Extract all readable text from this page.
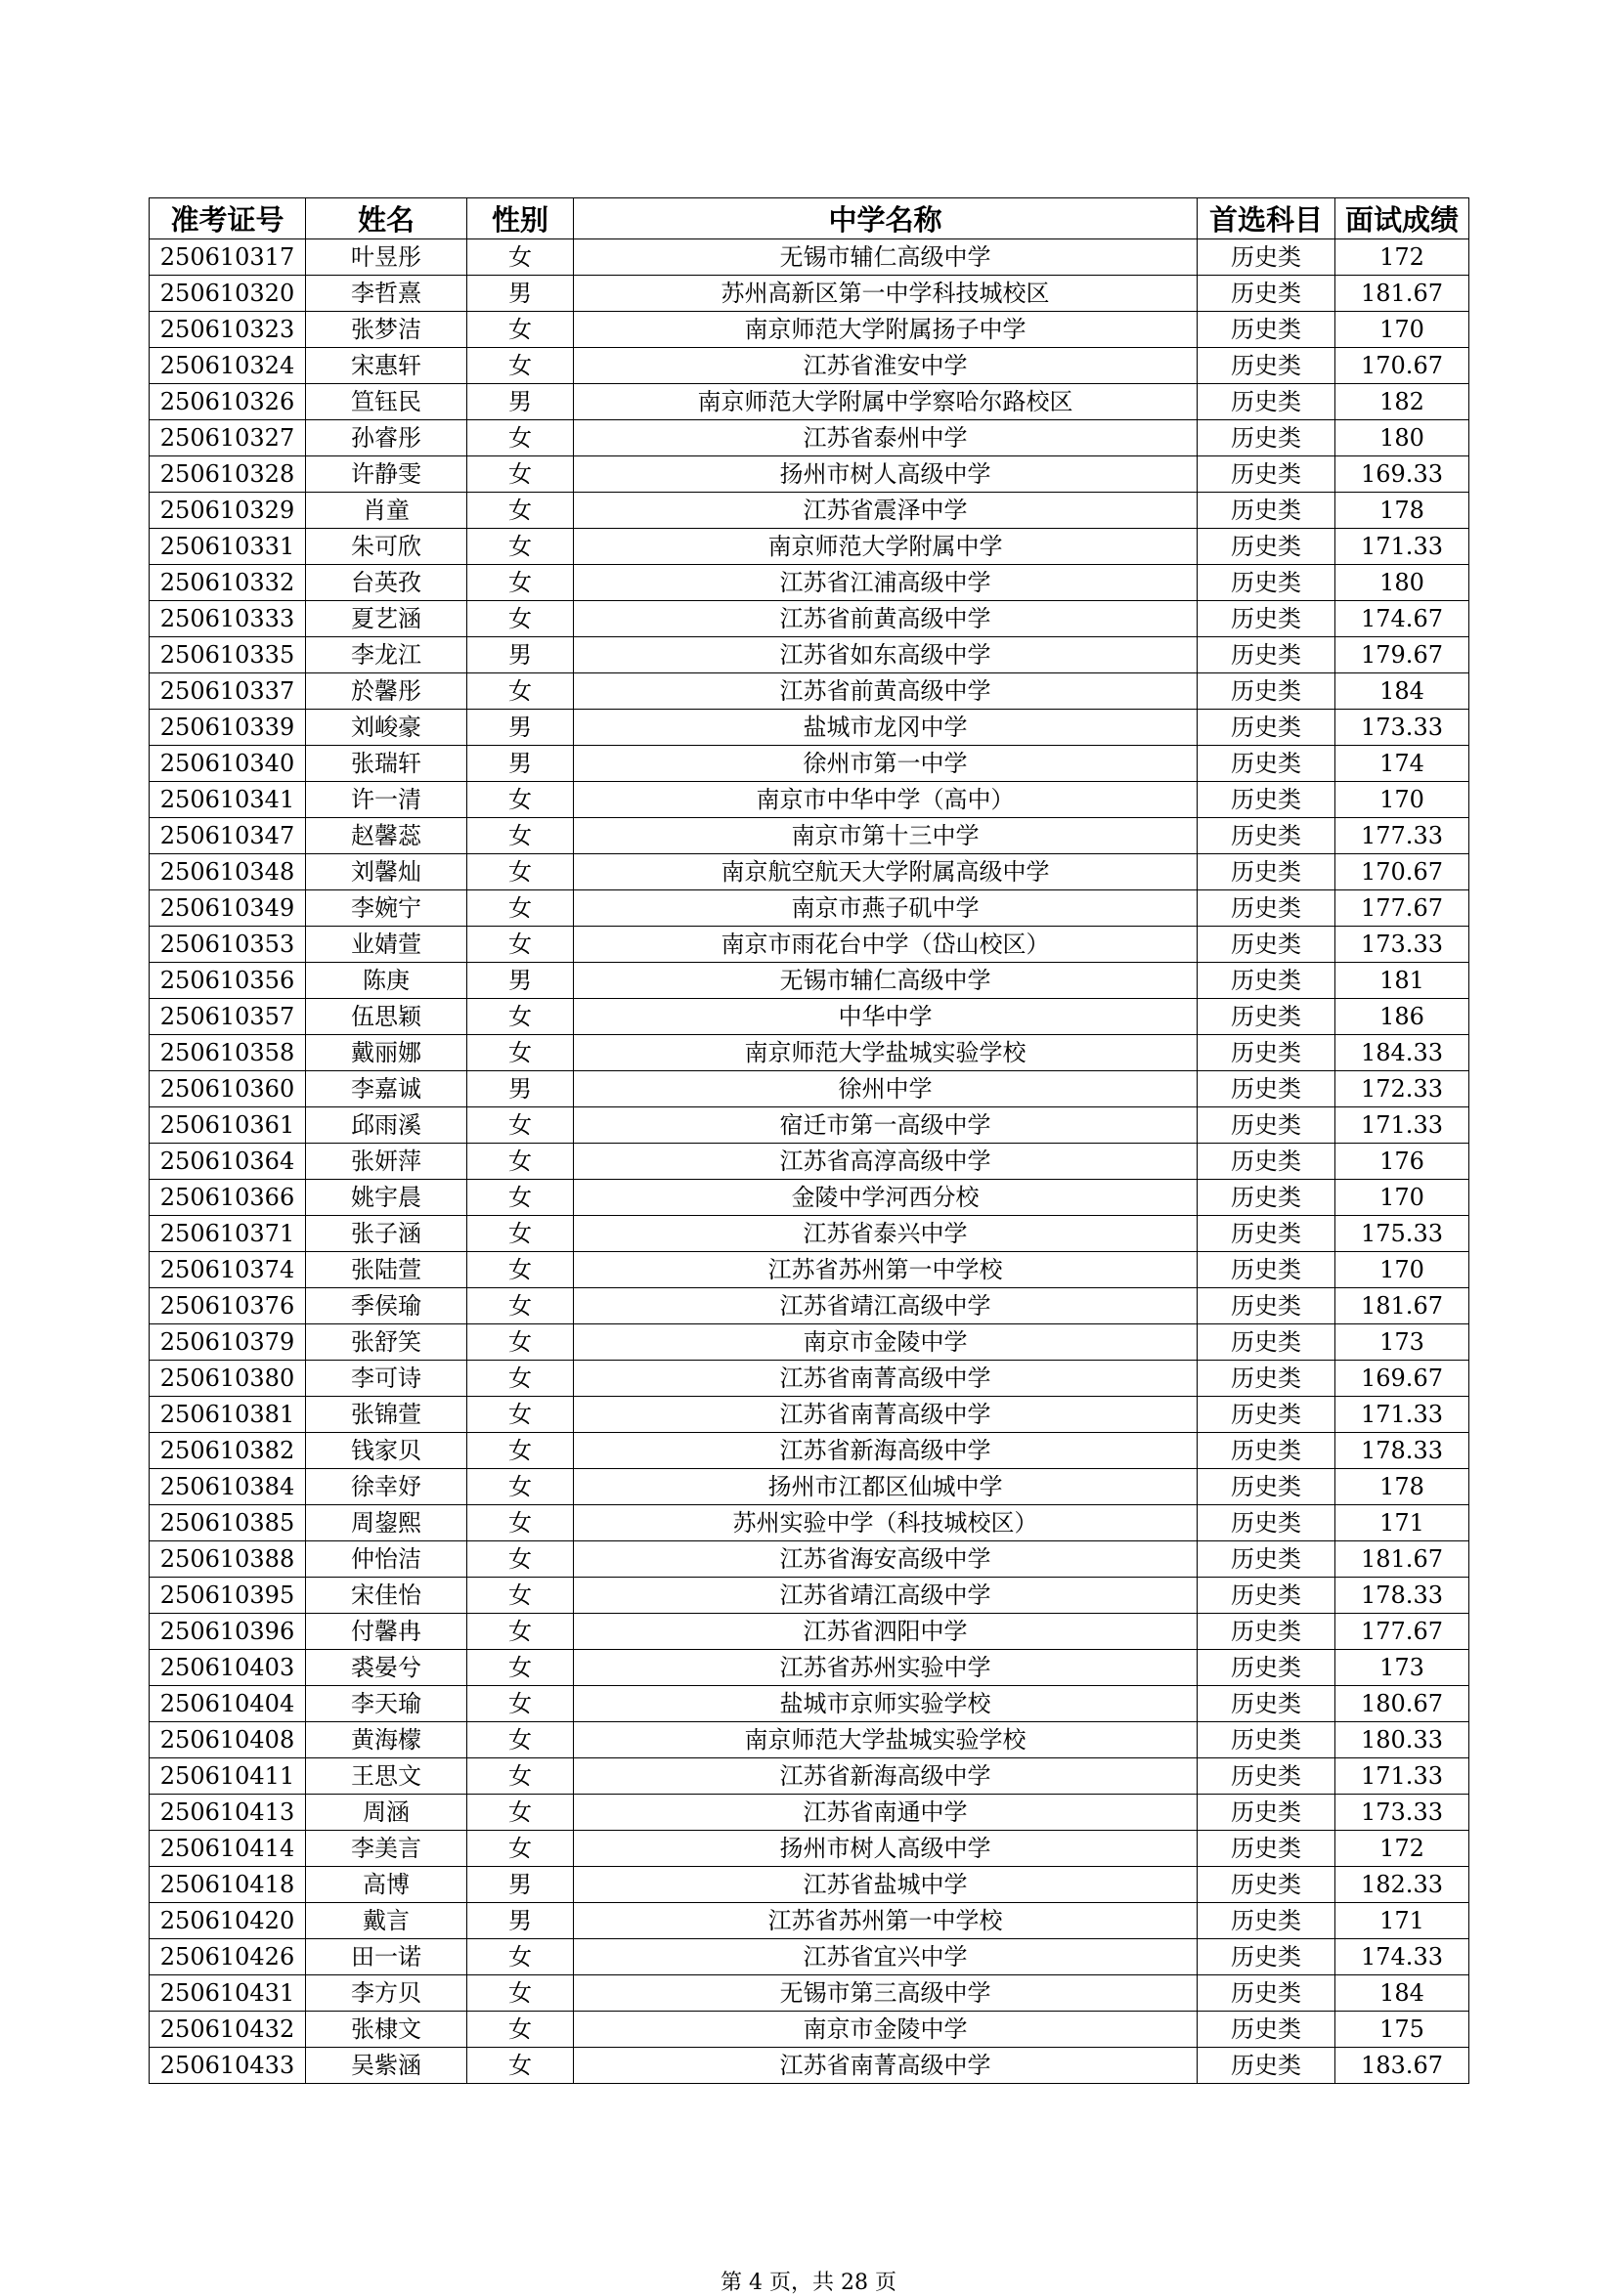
准考证号	姓名	性别	中学名称	首选科目	面试成绩
250610317	叶昱彤	女	无锡市辅仁高级中学	历史类	172
250610320	李哲熹	男	苏州高新区第一中学科技城校区	历史类	181.67
250610323	张梦洁	女	南京师范大学附属扬子中学	历史类	170
250610324	宋惠轩	女	江苏省淮安中学	历史类	170.67
250610326	笪钰民	男	南京师范大学附属中学察哈尔路校区	历史类	182
250610327	孙睿彤	女	江苏省泰州中学	历史类	180
250610328	许静雯	女	扬州市树人高级中学	历史类	169.33
250610329	肖童	女	江苏省震泽中学	历史类	178
250610331	朱可欣	女	南京师范大学附属中学	历史类	171.33
250610332	台英孜	女	江苏省江浦高级中学	历史类	180
250610333	夏艺涵	女	江苏省前黄高级中学	历史类	174.67
250610335	李龙江	男	江苏省如东高级中学	历史类	179.67
250610337	於馨彤	女	江苏省前黄高级中学	历史类	184
250610339	刘峻豪	男	盐城市龙冈中学	历史类	173.33
250610340	张瑞轩	男	徐州市第一中学	历史类	174
250610341	许一清	女	南京市中华中学（高中）	历史类	170
250610347	赵馨蕊	女	南京市第十三中学	历史类	177.33
250610348	刘馨灿	女	南京航空航天大学附属高级中学	历史类	170.67
250610349	李婉宁	女	南京市燕子矶中学	历史类	177.67
250610353	业婧萱	女	南京市雨花台中学（岱山校区）	历史类	173.33
250610356	陈庚	男	无锡市辅仁高级中学	历史类	181
250610357	伍思颖	女	中华中学	历史类	186
250610358	戴丽娜	女	南京师范大学盐城实验学校	历史类	184.33
250610360	李嘉诚	男	徐州中学	历史类	172.33
250610361	邱雨溪	女	宿迁市第一高级中学	历史类	171.33
250610364	张妍萍	女	江苏省高淳高级中学	历史类	176
250610366	姚宇晨	女	金陵中学河西分校	历史类	170
250610371	张子涵	女	江苏省泰兴中学	历史类	175.33
250610374	张陆萱	女	江苏省苏州第一中学校	历史类	170
250610376	季侯瑜	女	江苏省靖江高级中学	历史类	181.67
250610379	张舒笑	女	南京市金陵中学	历史类	173
250610380	李可诗	女	江苏省南菁高级中学	历史类	169.67
250610381	张锦萱	女	江苏省南菁高级中学	历史类	171.33
250610382	钱家贝	女	江苏省新海高级中学	历史类	178.33
250610384	徐幸妤	女	扬州市江都区仙城中学	历史类	178
250610385	周鋆熙	女	苏州实验中学（科技城校区）	历史类	171
250610388	仲怡洁	女	江苏省海安高级中学	历史类	181.67
250610395	宋佳怡	女	江苏省靖江高级中学	历史类	178.33
250610396	付馨冉	女	江苏省泗阳中学	历史类	177.67
250610403	裘晏兮	女	江苏省苏州实验中学	历史类	173
250610404	李天瑜	女	盐城市京师实验学校	历史类	180.67
250610408	黄海檬	女	南京师范大学盐城实验学校	历史类	180.33
250610411	王思文	女	江苏省新海高级中学	历史类	171.33
250610413	周涵	女	江苏省南通中学	历史类	173.33
250610414	李美言	女	扬州市树人高级中学	历史类	172
250610418	高博	男	江苏省盐城中学	历史类	182.33
250610420	戴言	男	江苏省苏州第一中学校	历史类	171
250610426	田一诺	女	江苏省宜兴中学	历史类	174.33
250610431	李方贝	女	无锡市第三高级中学	历史类	184
250610432	张棣文	女	南京市金陵中学	历史类	175
250610433	吴紫涵	女	江苏省南菁高级中学	历史类	183.67
第 4 页，共 28 页
